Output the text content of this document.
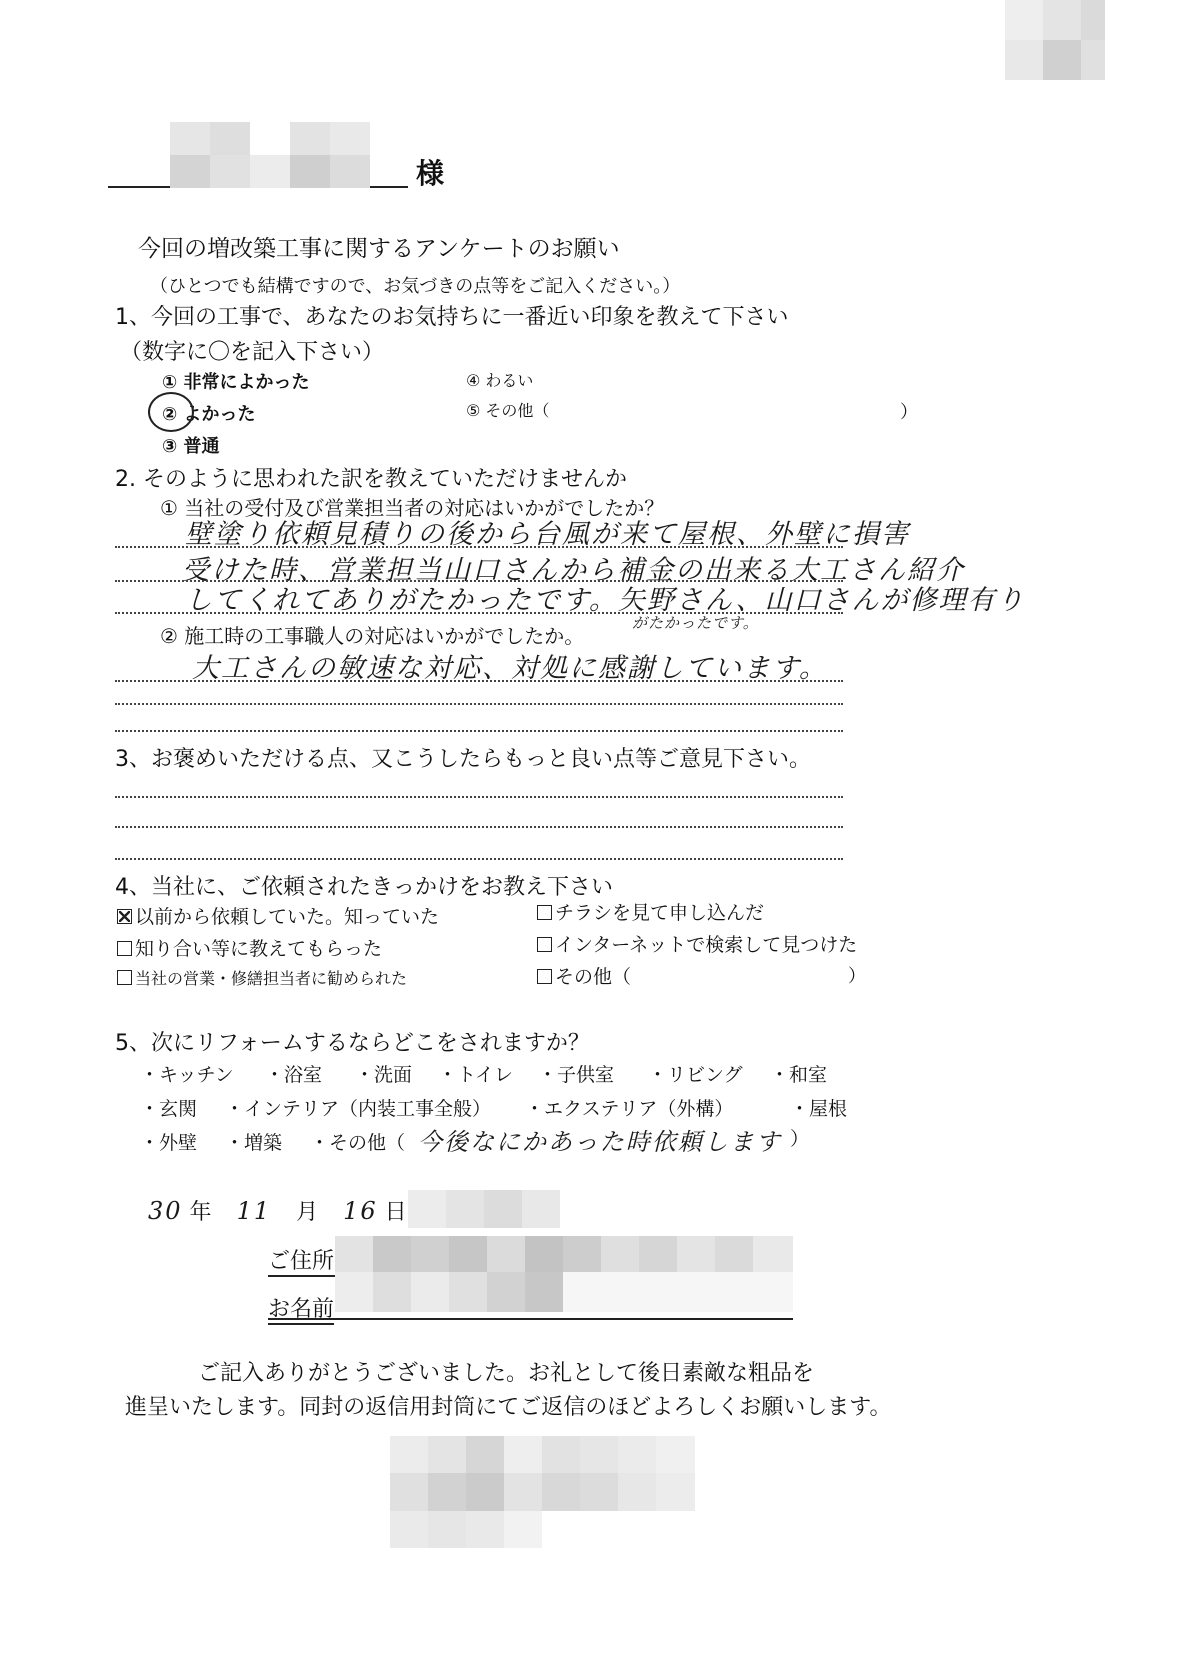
様
今回の増改築工事に関するアンケートのお願い
（ひとつでも結構ですので、お気づきの点等をご記入ください。）
1、今回の工事で、あなたのお気持ちに一番近い印象を教えて下さい
（数字に〇を記入下さい）
① 非常によかった
② よかった
③ 普通
④ わるい
⑤ その他（	）
2. そのように思われた訳を教えていただけませんか
① 当社の受付及び営業担当者の対応はいかがでしたか？
壁塗り依頼見積りの後から台風が来て屋根、外壁に損害
受けた時、営業担当山口さんから補金の出来る大工さん紹介
してくれてありがたかったです。矢野さん、山口さんが修理有り
② 施工時の工事職人の対応はいかがでしたか。
がたかったです。
大工さんの敏速な対応、対処に感謝しています。
3、お褒めいただける点、又こうしたらもっと良い点等ご意見下さい。
4、当社に、ご依頼されたきっかけをお教え下さい
以前から依頼していた。知っていた	チラシを見て申し込んだ
知り合い等に教えてもらった	インターネットで検索して見つけた
当社の営業・修繕担当者に勧められた	その他（	）
5、次にリフォームするならどこをされますか？
・キッチン ・浴室 ・洗面 ・トイレ ・子供室 ・リビング ・和室
・玄関 ・インテリア（内装工事全般） ・エクステリア（外構）	・屋根
・外壁 ・増築 ・その他（ 今後なにかあった時依頼します ）
30 年 11 月 16 日
ご住所
お名前
ご記入ありがとうございました。お礼として後日素敵な粗品を
進呈いたします。同封の返信用封筒にてご返信のほどよろしくお願いします。
